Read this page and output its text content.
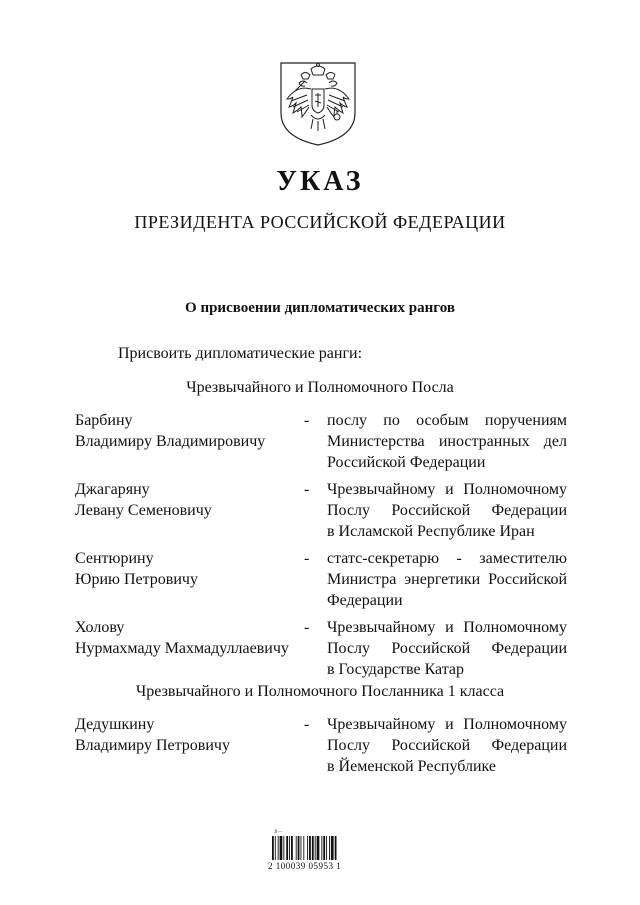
УКАЗ
ПРЕЗИДЕНТА РОССИЙСКОЙ ФЕДЕРАЦИИ
О присвоении дипломатических рангов
Присвоить дипломатические ранги:
Чрезвычайного и Полномочного Посла
Барбину
Владимиру Владимировичу
- послу по особым поручениям
Министерства иностранных дел
Российской Федерации
Джагаряну
Левану Семеновичу
- Чрезвычайному и Полномочному
Послу Российской Федерации
в Исламской Республике Иран
Сентюрину
Юрию Петровичу
- статс-секретарю - заместителю
Министра энергетики Российской
Федерации
Холову
Нурмахмаду Махмадуллаевичу
- Чрезвычайному и Полномочному
Послу Российской Федерации
в Государстве Катар
Чрезвычайного и Полномочного Посланника 1 класса
Дедушкину
Владимиру Петровичу
- Чрезвычайному и Полномочному
Послу Российской Федерации
в Йеменской Республике
Jl—
2 100039 05953 1
